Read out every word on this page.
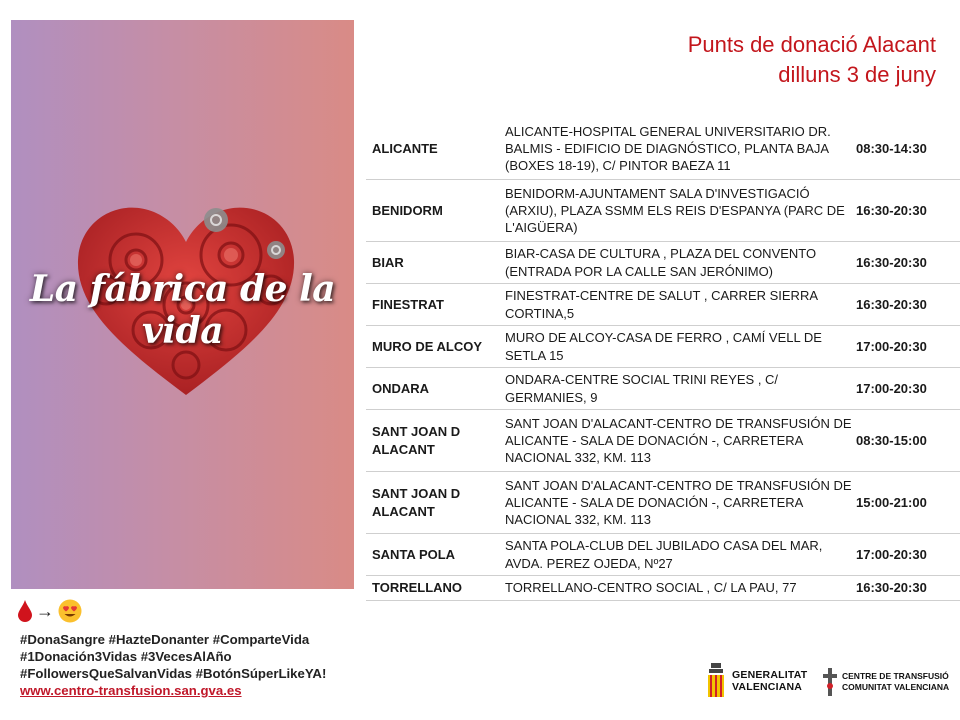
La fábrica de la vida
→
#DonaSangre #HazteDonanter #ComparteVida
#1Donación3Vidas #3VecesAlAño
#FollowersQueSalvanVidas #BotónSúperLikeYA!
www.centro-transfusion.san.gva.es
Punts de donació Alacant
dilluns 3 de juny
ALICANTE	ALICANTE-HOSPITAL GENERAL UNIVERSITARIO DR. BALMIS - EDIFICIO DE DIAGNÓSTICO, PLANTA BAJA (BOXES 18-19), C/ PINTOR BAEZA 11	08:30-14:30
BENIDORM	BENIDORM-AJUNTAMENT SALA D'INVESTIGACIÓ (ARXIU), PLAZA SSMM ELS REIS D'ESPANYA (PARC DE L'AIGÜERA)	16:30-20:30
BIAR	BIAR-CASA DE CULTURA , PLAZA DEL CONVENTO (ENTRADA POR LA CALLE SAN JERÓNIMO)	16:30-20:30
FINESTRAT	FINESTRAT-CENTRE DE SALUT , CARRER SIERRA CORTINA,5	16:30-20:30
MURO DE ALCOY	MURO DE ALCOY-CASA DE FERRO , CAMÍ VELL DE SETLA 15	17:00-20:30
ONDARA	ONDARA-CENTRE SOCIAL TRINI REYES , C/ GERMANIES, 9	17:00-20:30
SANT JOAN D ALACANT	SANT JOAN D'ALACANT-CENTRO DE TRANSFUSIÓN DE ALICANTE - SALA DE DONACIÓN -, CARRETERA NACIONAL 332, KM. 113	08:30-15:00
SANT JOAN D ALACANT	SANT JOAN D'ALACANT-CENTRO DE TRANSFUSIÓN DE ALICANTE - SALA DE DONACIÓN -, CARRETERA NACIONAL 332, KM. 113	15:00-21:00
SANTA POLA	SANTA POLA-CLUB DEL JUBILADO CASA DEL MAR, AVDA. PEREZ OJEDA, Nº27	17:00-20:30
TORRELLANO	TORRELLANO-CENTRO SOCIAL , C/ LA PAU, 77	16:30-20:30
GENERALITAT
VALENCIANA
CENTRE DE TRANSFUSIÓ
COMUNITAT VALENCIANA
